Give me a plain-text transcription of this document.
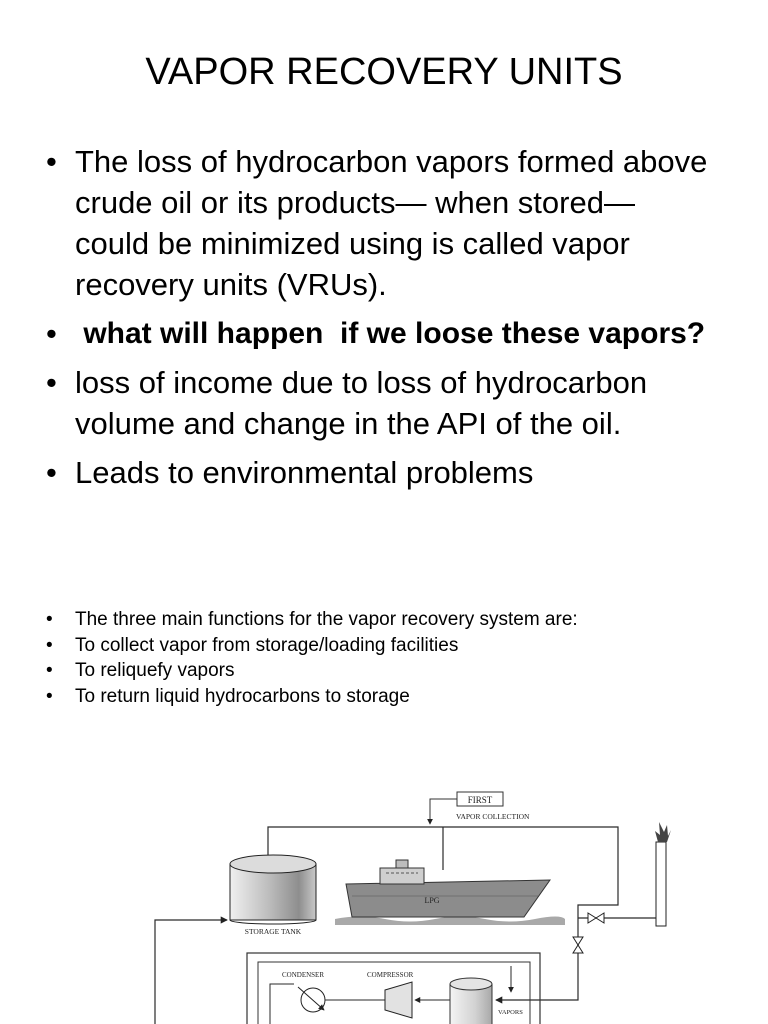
VAPOR RECOVERY UNITS
• The loss of hydrocarbon vapors formed above
crude oil or its products— when stored—
could be minimized using is called vapor
recovery units (VRUs).
• what will happen  if we loose these vapors?
• loss of income due to loss of hydrocarbon
volume and change in the API of the oil.
• Leads to environmental problems
• The three main functions for the vapor recovery system are:
• To collect vapor from storage/loading facilities
• To reliquefy vapors
• To return liquid hydrocarbons to storage
FIRST
VAPOR COLLECTION
STORAGE TANK
LPG
CONDENSER	COMPRESSOR
VAPORS
